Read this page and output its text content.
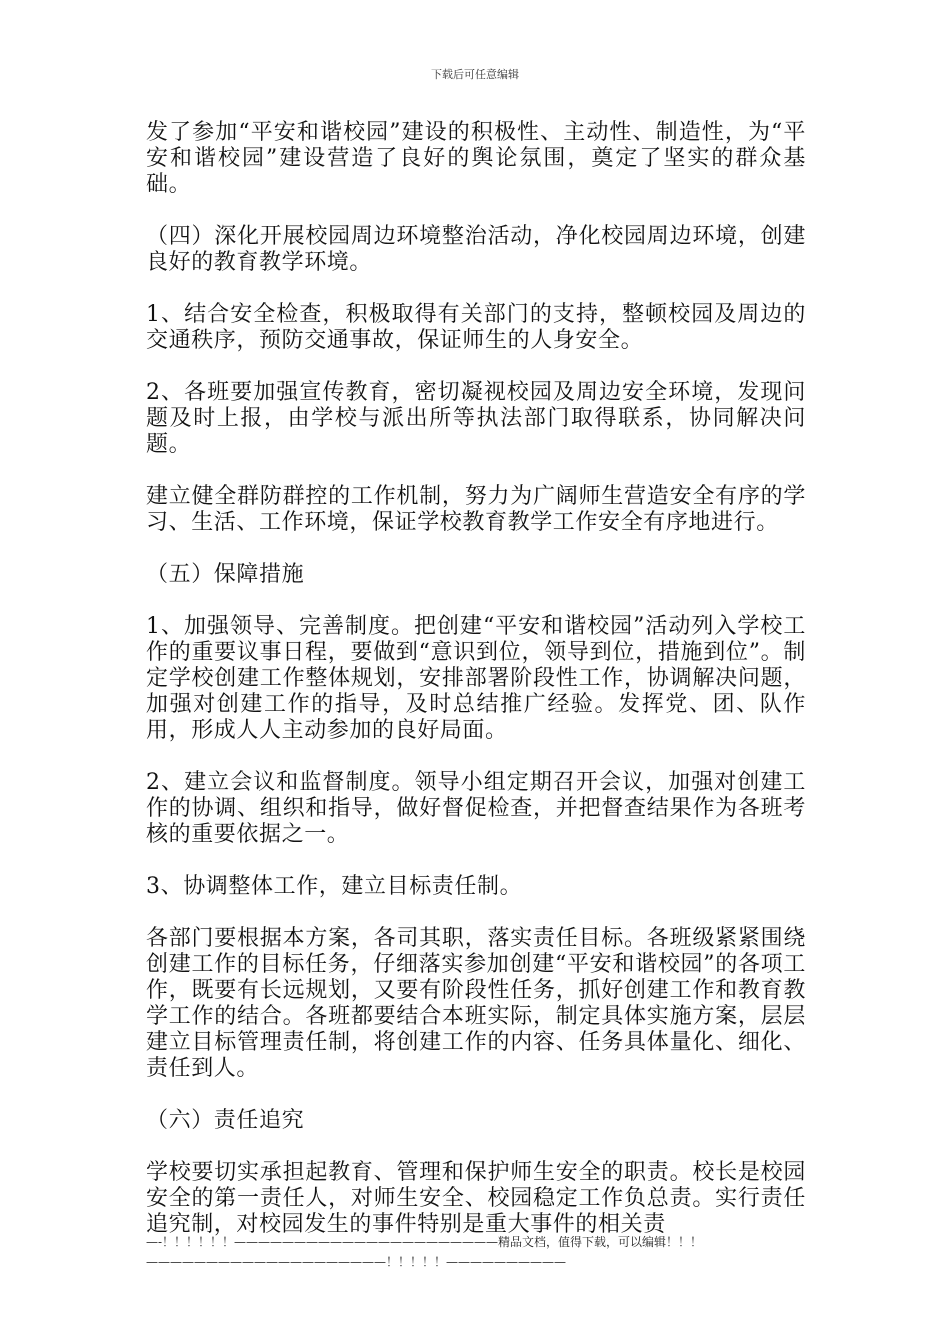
下载后可任意编辑

发了参加“平安和谐校园”建设的积极性、主动性、制造性，为“平安和谐校园”建设营造了良好的舆论氛围，奠定了坚实的群众基础。

（四）深化开展校园周边环境整治活动，净化校园周边环境，创建良好的教育教学环境。

1、结合安全检查，积极取得有关部门的支持，整顿校园及周边的交通秩序，预防交通事故，保证师生的人身安全。

2、各班要加强宣传教育，密切凝视校园及周边安全环境，发现问题及时上报，由学校与派出所等执法部门取得联系，协同解决问题。

建立健全群防群控的工作机制，努力为广阔师生营造安全有序的学习、生活、工作环境，保证学校教育教学工作安全有序地进行。

（五）保障措施

1、加强领导、完善制度。把创建“平安和谐校园”活动列入学校工作的重要议事日程，要做到“意识到位，领导到位，措施到位”。制定学校创建工作整体规划，安排部署阶段性工作，协调解决问题，加强对创建工作的指导，及时总结推广经验。发挥党、团、队作用，形成人人主动参加的良好局面。

2、建立会议和监督制度。领导小组定期召开会议，加强对创建工作的协调、组织和指导，做好督促检查，并把督查结果作为各班考核的重要依据之一。

3、协调整体工作，建立目标责任制。

各部门要根据本方案，各司其职，落实责任目标。各班级紧紧围绕创建工作的目标任务，仔细落实参加创建“平安和谐校园”的各项工作，既要有长远规划，又要有阶段性任务，抓好创建工作和教育教学工作的结合。各班都要结合本班实际，制定具体实施方案，层层建立目标管理责任制，将创建工作的内容、任务具体量化、细化、责任到人。

（六）责任追究

学校要切实承担起教育、管理和保护师生安全的职责。校长是校园安全的第一责任人，对师生安全、校园稳定工作负总责。实行责任追究制，对校园发生的事件特别是重大事件的相关责

—-！！！！！！——————————————————————精品文档，值得下载，可以编辑！！！————————————————————！！！！！——————————
